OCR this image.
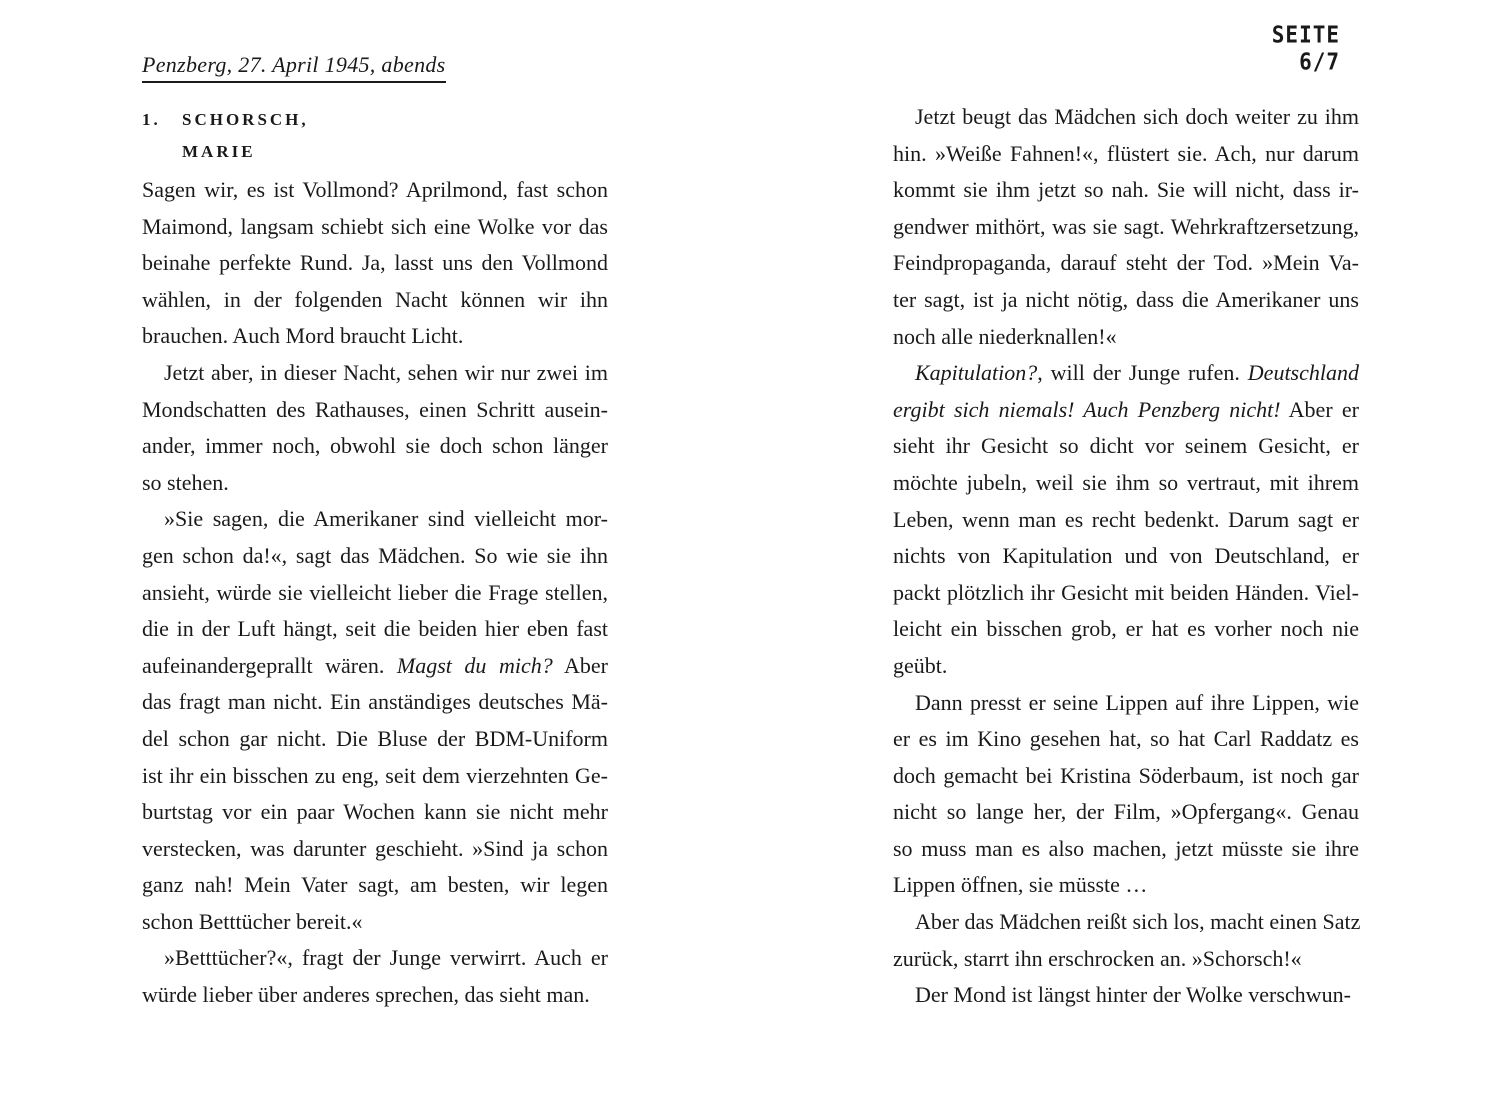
SEITE 6/7
Penzberg, 27. April 1945, abends
1. SCHORSCH,
MARIE
Sagen wir, es ist Vollmond? Aprilmond, fast schon
Maimond, langsam schiebt sich eine Wolke vor das
beinahe perfekte Rund. Ja, lasst uns den Vollmond
wählen, in der folgenden Nacht können wir ihn
brauchen. Auch Mord braucht Licht.
Jetzt aber, in dieser Nacht, sehen wir nur zwei im
Mondschatten des Rathauses, einen Schritt ausein-
ander, immer noch, obwohl sie doch schon länger
so stehen.
»Sie sagen, die Amerikaner sind vielleicht mor-
gen schon da!«, sagt das Mädchen. So wie sie ihn
ansieht, würde sie vielleicht lieber die Frage stellen,
die in der Luft hängt, seit die beiden hier eben fast
aufeinandergeprallt wären. Magst du mich? Aber
das fragt man nicht. Ein anständiges deutsches Mä-
del schon gar nicht. Die Bluse der BDM-Uniform
ist ihr ein bisschen zu eng, seit dem vierzehnten Ge-
burtstag vor ein paar Wochen kann sie nicht mehr
verstecken, was darunter geschieht. »Sind ja schon
ganz nah! Mein Vater sagt, am besten, wir legen
schon Betttücher bereit.«
»Betttücher?«, fragt der Junge verwirrt. Auch er
würde lieber über anderes sprechen, das sieht man.
Jetzt beugt das Mädchen sich doch weiter zu ihm
hin. »Weiße Fahnen!«, flüstert sie. Ach, nur darum
kommt sie ihm jetzt so nah. Sie will nicht, dass ir-
gendwer mithört, was sie sagt. Wehrkraftzersetzung,
Feindpropaganda, darauf steht der Tod. »Mein Va-
ter sagt, ist ja nicht nötig, dass die Amerikaner uns
noch alle niederknallen!«
Kapitulation?, will der Junge rufen. Deutschland
ergibt sich niemals! Auch Penzberg nicht! Aber er
sieht ihr Gesicht so dicht vor seinem Gesicht, er
möchte jubeln, weil sie ihm so vertraut, mit ihrem
Leben, wenn man es recht bedenkt. Darum sagt er
nichts von Kapitulation und von Deutschland, er
packt plötzlich ihr Gesicht mit beiden Händen. Viel-
leicht ein bisschen grob, er hat es vorher noch nie
geübt.
Dann presst er seine Lippen auf ihre Lippen, wie
er es im Kino gesehen hat, so hat Carl Raddatz es
doch gemacht bei Kristina Söderbaum, ist noch gar
nicht so lange her, der Film, »Opfergang«. Genau
so muss man es also machen, jetzt müsste sie ihre
Lippen öffnen, sie müsste …
Aber das Mädchen reißt sich los, macht einen Satz
zurück, starrt ihn erschrocken an. »Schorsch!«
Der Mond ist längst hinter der Wolke verschwun-
